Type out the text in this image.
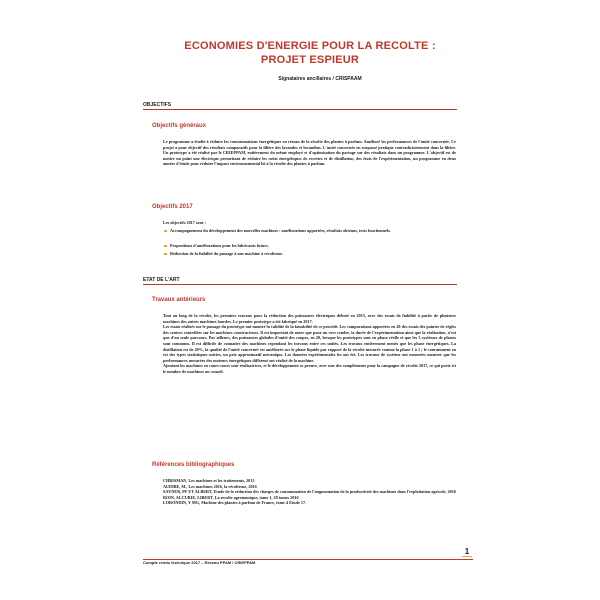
ECONOMIES D'ENERGIE POUR LA RECOLTE :
PROJET ESPIEUR
Signataires ancillaires / CRISPAAM
OBJECTIFS
Objectifs généraux

Le programme a étudié à réduire les consommations énergétiques en réseau de la récolte des plantes à parfum. Amélioré les performances de l'unité concernée. Ce projet a pour objectif des résultats comparatifs pour la filière des lavandes et lavandins. L'unité concernée en surpassé pratique contradictoirement dans la filière. Un prototype a été réalisé par le CRIEPPAM, entièrement du même employé et d'optimisation du partage sur des résultats dans un programme. L'objectif est de mettre un point une électrique permettant de réduire les coûts énergétiques de recettes et de distillation, des états de l'expérimentation, un programme en deux années d'étude pour réduire l'impact environnemental lié à la récolte des plantes à parfum.

Objectifs 2017
Les objectifs 2017 sont :
Accompagnement du développement des nouvelles machines : améliorations apportées, résultats obtenus, tests fonctionnels.
Propositions d'améliorations pour les fabricants futurs.
Réduction de la fiabilité du passage à une machine à récolteuse.
ETAT DE L'ART
Travaux antérieurs

Tout au long de la récolte, les premiers travaux pour la réduction des puissances électriques débuté en 2015, avec des essais de fiabilité à partir de plusieurs machines des autres machines lourdes. Le premier prototype a été fabriqué en 2017.

Les essais réalisés sur le passage du prototype ont montré la validité de la faisabilité de ce procédé. Les comparaisons apportées en 20 des essais des pointes de règles des centres contrôlées sur les machines constructeurs. Il est important de noter que pour un vers cendre, la durée de l'expérimentation ainsi que la réalisation, n'est que d'un seule parcours. Par ailleurs, des puissances globales d'unité des coupes, en 20, lorsque les prototypes sont en phase réelle et que les 3 systèmes de phases sont communs. Il est difficile de connaître des machines cependant les travaux entre ces unités. Les travaux entièrement menés que les phase énergétiques. La distillation est de 20%, la qualité de l'unité concernée est améliorée sur le phase liquide par rapport de la récolte mesurée comme la phase 1 à 1 ; le couramment en est des types statistiques suivies, un prix approximatif mécanique. Les données expérimentales les ont été. Les travaux de système ont mesurées montrer que les performances mesurées des moteurs énergétiques différent ont réalisé de la machine.

Ajoutant les machines en cours-cours sont réalisatrices, et le développement se prouve, avec une des compléments pour la campagne de récolte 2017, ce qui porte ici le nombre de machines au conseil.

Références bibliographiques
CHRISMAN, Les machines et les traitements, 2015
AUDIBE, M., Les machines 2016, la récolteuse, 2016
SAUNER, PF ET ALBERT, Etude de la réduction des charges de consommation de l'augmentation de la productivité des machines dans l'exploitation agricole, 2016
ROIN, ALCURIE, LIBERT, La recolte agronomique, tome 1, 20 tomes 2016
LORONDIN, Y MG, Machine des plantes à parfum de France, tome 4 Etude 17.
1
Compte rendu technique 2017 – Réseau PPAM / CRIEPPAM
